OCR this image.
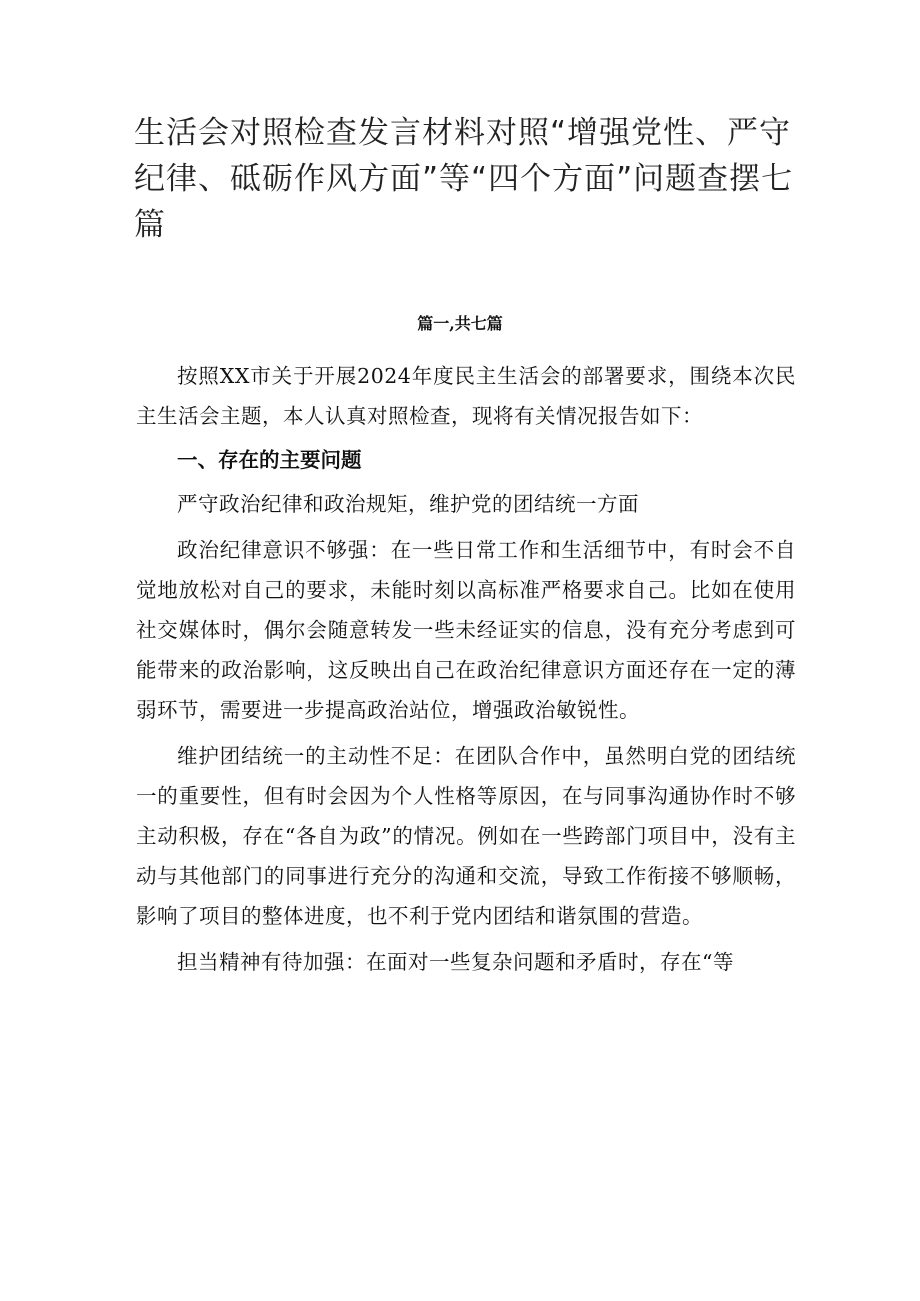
生活会对照检查发言材料对照“增强党性、严守纪律、砥砺作风方面”等“四个方面”问题查摆七篇
篇一,共七篇

按照XX市关于开展2024年度民主生活会的部署要求，围绕本次民主生活会主题，本人认真对照检查，现将有关情况报告如下：

一、存在的主要问题

严守政治纪律和政治规矩，维护党的团结统一方面

政治纪律意识不够强：在一些日常工作和生活细节中，有时会不自觉地放松对自己的要求，未能时刻以高标准严格要求自己。比如在使用社交媒体时，偶尔会随意转发一些未经证实的信息，没有充分考虑到可能带来的政治影响，这反映出自己在政治纪律意识方面还存在一定的薄弱环节，需要进一步提高政治站位，增强政治敏锐性。

维护团结统一的主动性不足：在团队合作中，虽然明白党的团结统一的重要性，但有时会因为个人性格等原因，在与同事沟通协作时不够主动积极，存在“各自为政”的情况。例如在一些跨部门项目中，没有主动与其他部门的同事进行充分的沟通和交流，导致工作衔接不够顺畅，影响了项目的整体进度，也不利于党内团结和谐氛围的营造。

担当精神有待加强：在面对一些复杂问题和矛盾时，存在“等
